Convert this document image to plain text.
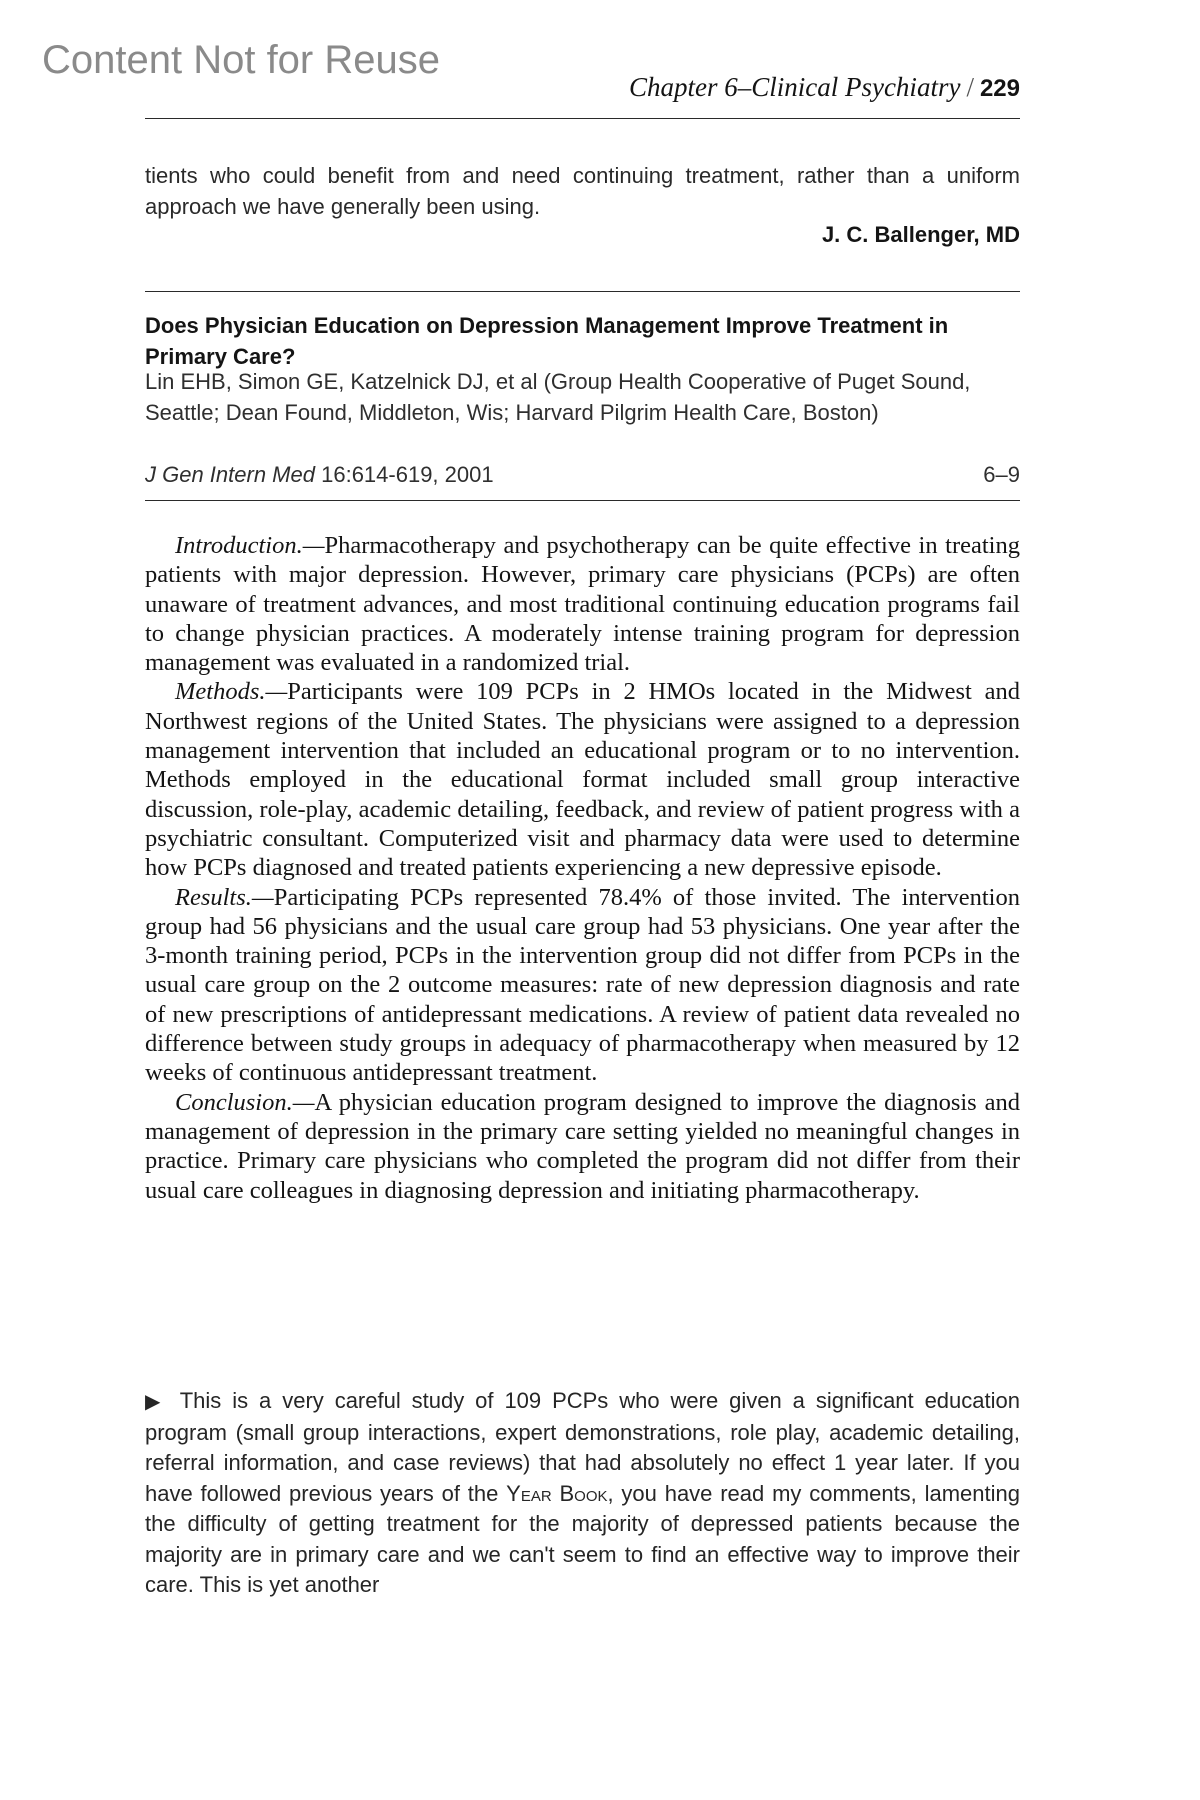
Content Not for Reuse
Chapter 6–Clinical Psychiatry / 229
tients who could benefit from and need continuing treatment, rather than a uniform approach we have generally been using.
J. C. Ballenger, MD
Does Physician Education on Depression Management Improve Treatment in Primary Care?
Lin EHB, Simon GE, Katzelnick DJ, et al (Group Health Cooperative of Puget Sound, Seattle; Dean Found, Middleton, Wis; Harvard Pilgrim Health Care, Boston)
J Gen Intern Med 16:614-619, 2001	6–9

Introduction.—Pharmacotherapy and psychotherapy can be quite effective in treating patients with major depression. However, primary care physicians (PCPs) are often unaware of treatment advances, and most traditional continuing education programs fail to change physician practices. A moderately intense training program for depression management was evaluated in a randomized trial.

Methods.—Participants were 109 PCPs in 2 HMOs located in the Midwest and Northwest regions of the United States. The physicians were assigned to a depression management intervention that included an educational program or to no intervention. Methods employed in the educational format included small group interactive discussion, role-play, academic detailing, feedback, and review of patient progress with a psychiatric consultant. Computerized visit and pharmacy data were used to determine how PCPs diagnosed and treated patients experiencing a new depressive episode.

Results.—Participating PCPs represented 78.4% of those invited. The intervention group had 56 physicians and the usual care group had 53 physicians. One year after the 3-month training period, PCPs in the intervention group did not differ from PCPs in the usual care group on the 2 outcome measures: rate of new depression diagnosis and rate of new prescriptions of antidepressant medications. A review of patient data revealed no difference between study groups in adequacy of pharmacotherapy when measured by 12 weeks of continuous antidepressant treatment.

Conclusion.—A physician education program designed to improve the diagnosis and management of depression in the primary care setting yielded no meaningful changes in practice. Primary care physicians who completed the program did not differ from their usual care colleagues in diagnosing depression and initiating pharmacotherapy.

▶ This is a very careful study of 109 PCPs who were given a significant education program (small group interactions, expert demonstrations, role play, academic detailing, referral information, and case reviews) that had absolutely no effect 1 year later. If you have followed previous years of the Year Book, you have read my comments, lamenting the difficulty of getting treatment for the majority of depressed patients because the majority are in primary care and we can't seem to find an effective way to improve their care. This is yet another
